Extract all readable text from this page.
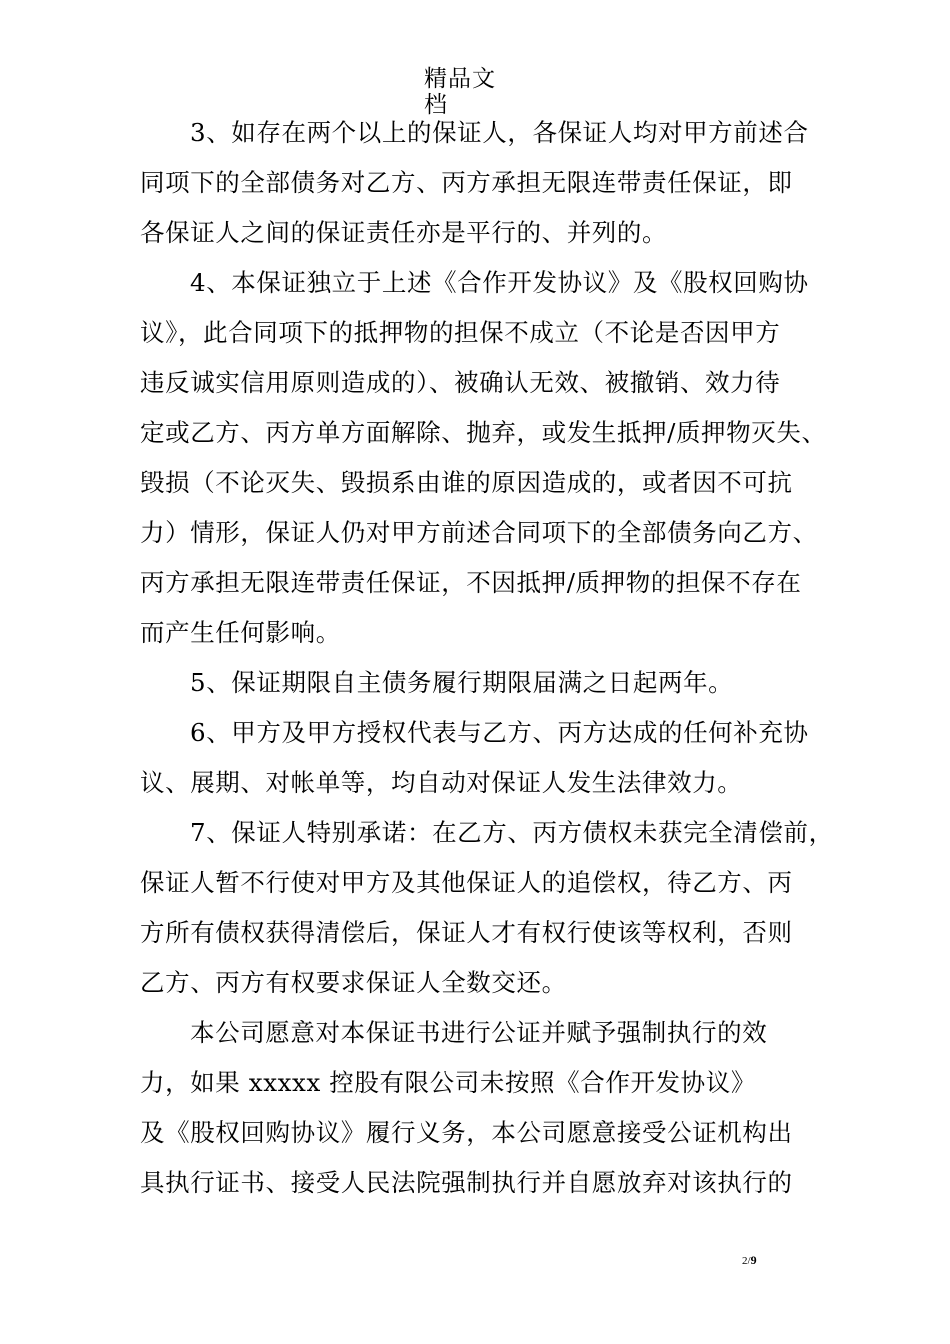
精品文档
3、如存在两个以上的保证人，各保证人均对甲方前述合
同项下的全部债务对乙方、丙方承担无限连带责任保证，即
各保证人之间的保证责任亦是平行的、并列的。
4、本保证独立于上述《合作开发协议》及《股权回购协
议》，此合同项下的抵押物的担保不成立（不论是否因甲方
违反诚实信用原则造成的）、被确认无效、被撤销、效力待
定或乙方、丙方单方面解除、抛弃，或发生抵押/质押物灭失、
毁损（不论灭失、毁损系由谁的原因造成的，或者因不可抗
力）情形，保证人仍对甲方前述合同项下的全部债务向乙方、
丙方承担无限连带责任保证，不因抵押/质押物的担保不存在
而产生任何影响。
5、保证期限自主债务履行期限届满之日起两年。
6、甲方及甲方授权代表与乙方、丙方达成的任何补充协
议、展期、对帐单等，均自动对保证人发生法律效力。
7、保证人特别承诺：在乙方、丙方债权未获完全清偿前，
保证人暂不行使对甲方及其他保证人的追偿权，待乙方、丙
方所有债权获得清偿后，保证人才有权行使该等权利，否则
乙方、丙方有权要求保证人全数交还。
本公司愿意对本保证书进行公证并赋予强制执行的效
力，如果 xxxxx 控股有限公司未按照《合作开发协议》
及《股权回购协议》履行义务，本公司愿意接受公证机构出
具执行证书、接受人民法院强制执行并自愿放弃对该执行的
2/9
